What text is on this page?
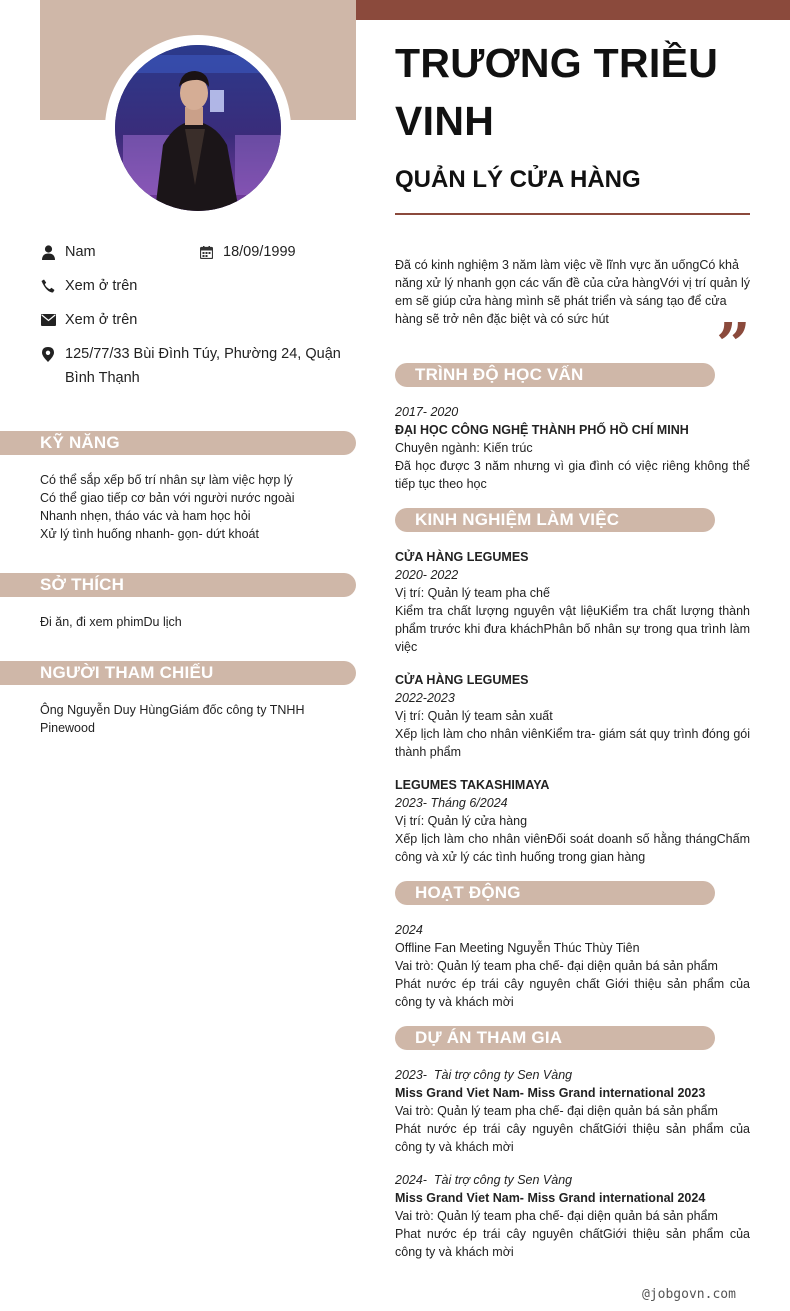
Nam	18/09/1999
Xem ở trên
Xem ở trên
125/77/33 Bùi Đình Túy, Phường 24, Quận Bình Thạnh
KỸ NĂNG
Có thể sắp xếp bố trí nhân sự làm việc hợp lý
Có thể giao tiếp cơ bản với người nước ngoài
Nhanh nhẹn, tháo vác và ham học hỏi
Xử lý tình huống nhanh- gọn- dứt khoát
SỞ THÍCH
Đi ăn, đi xem phimDu lịch
NGƯỜI THAM CHIẾU
Ông Nguyễn Duy HùngGiám đốc công ty TNHH Pinewood
TRƯƠNG TRIỀU VINH
QUẢN LÝ CỬA HÀNG
Đã có kinh nghiệm 3 năm làm việc về lĩnh vực ăn uốngCó khả năng xử lý nhanh gọn các vấn đề của cửa hàngVới vị trí quản lý em sẽ giúp cửa hàng mình sẽ phát triển và sáng tạo để cửa hàng sẽ trở nên đặc biệt và có sức hút	”
TRÌNH ĐỘ HỌC VẤN
2017- 2020
ĐẠI HỌC CÔNG NGHỆ THÀNH PHỐ HỒ CHÍ MINH
Chuyên ngành: Kiến trúc
Đã học được 3 năm nhưng vì gia đình có việc riêng không thể tiếp tục theo học
KINH NGHIỆM LÀM VIỆC
CỬA HÀNG LEGUMES
2020- 2022
Vị trí: Quản lý team pha chế
Kiểm tra chất lượng nguyên vật liệuKiểm tra chất lượng thành phẩm trước khi đưa kháchPhân bố nhân sự trong qua trình làm việc
CỬA HÀNG LEGUMES
2022-2023
Vị trí: Quản lý team sản xuất
Xếp lịch làm cho nhân viênKiểm tra- giám sát quy trình đóng gói thành phẩm
LEGUMES TAKASHIMAYA
2023- Tháng 6/2024
Vị trí: Quản lý cửa hàng
Xếp lịch làm cho nhân viênĐối soát doanh số hằng thángChấm công và xử lý các tình huống trong gian hàng
HOẠT ĐỘNG
2024
Offline Fan Meeting Nguyễn Thúc Thùy Tiên
Vai trò: Quản lý team pha chế- đại diện quản bá sản phẩm
Phát nước ép trái cây nguyên chất Giới thiệu sản phẩm của công ty và khách mời
DỰ ÁN THAM GIA
2023-  Tài trợ công ty Sen Vàng
Miss Grand Viet Nam- Miss Grand international 2023
Vai trò: Quản lý team pha chế- đại diện quản bá sản phẩm
Phát nước ép trái cây nguyên chấtGiới thiệu sản phẩm của công ty và khách mời
2024-  Tài trợ công ty Sen Vàng
Miss Grand Viet Nam- Miss Grand international 2024
Vai trò: Quản lý team pha chế- đại diện quản bá sản phẩm
Phat nước ép trái cây nguyên chấtGiới thiệu sản phẩm của công ty và khách mời
@jobgovn.com
